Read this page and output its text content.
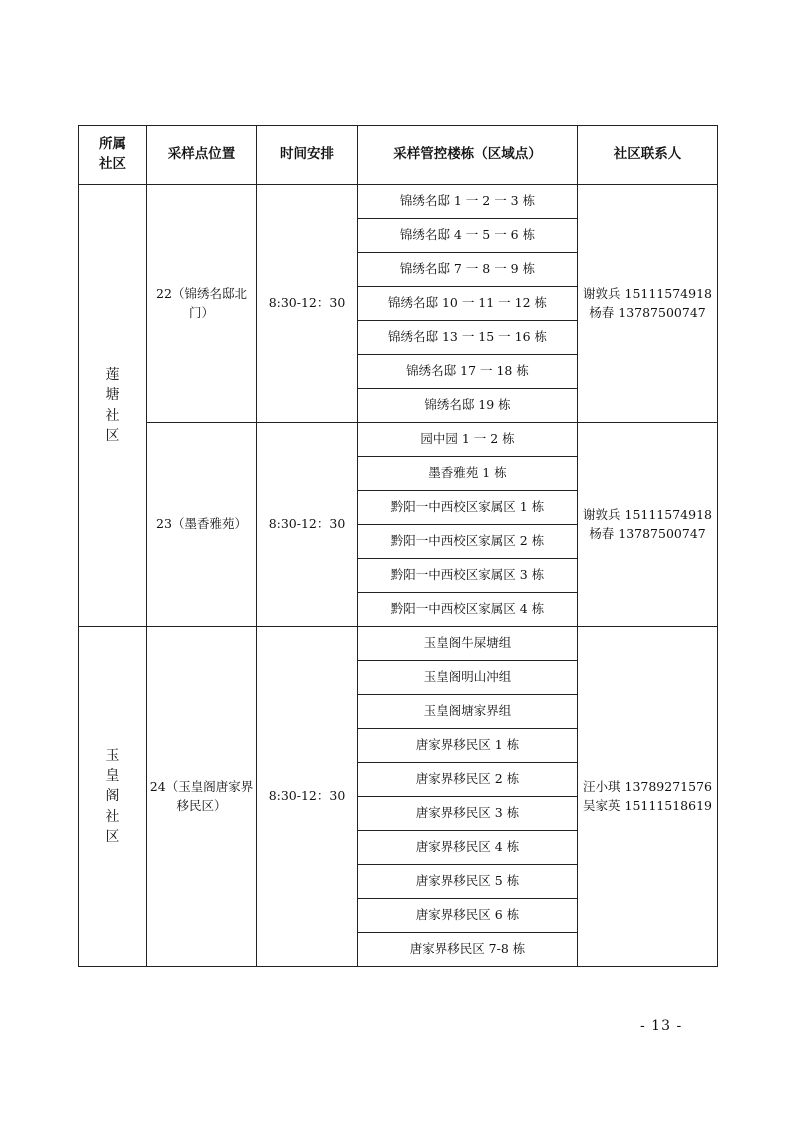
所属社区	采样点位置	时间安排	采样管控楼栋（区域点）	社区联系人

莲
塘
社
区	22（锦绣名邸北门）	8:30-12：30	锦绣名邸 1 一 2 一 3 栋	谢敦兵 15111574918
杨春 13787500747

			锦绣名邸 4 一 5 一 6 栋	
			锦绣名邸 7 一 8 一 9 栋	
			锦绣名邸 10 一 11 一 12 栋	
			锦绣名邸 13 一 15 一 16 栋	
			锦绣名邸 17 一 18 栋	
			锦绣名邸 19 栋	
	23（墨香雅苑）	8:30-12：30	园中园 1 一 2 栋	谢敦兵 15111574918
杨春 13787500747

			墨香雅苑 1 栋	
			黔阳一中西校区家属区 1 栋	
			黔阳一中西校区家属区 2 栋	
			黔阳一中西校区家属区 3 栋	
			黔阳一中西校区家属区 4 栋	

玉
皇
阁
社
区	24（玉皇阁唐家界移民区）	8:30-12：30	玉皇阁牛屎塘组	汪小琪 13789271576
吴家英 15111518619

			玉皇阁明山冲组	
			玉皇阁塘家界组	
			唐家界移民区 1 栋	
			唐家界移民区 2 栋	
			唐家界移民区 3 栋	
			唐家界移民区 4 栋	
			唐家界移民区 5 栋	
			唐家界移民区 6 栋	
			唐家界移民区 7-8 栋	
- 13 -
